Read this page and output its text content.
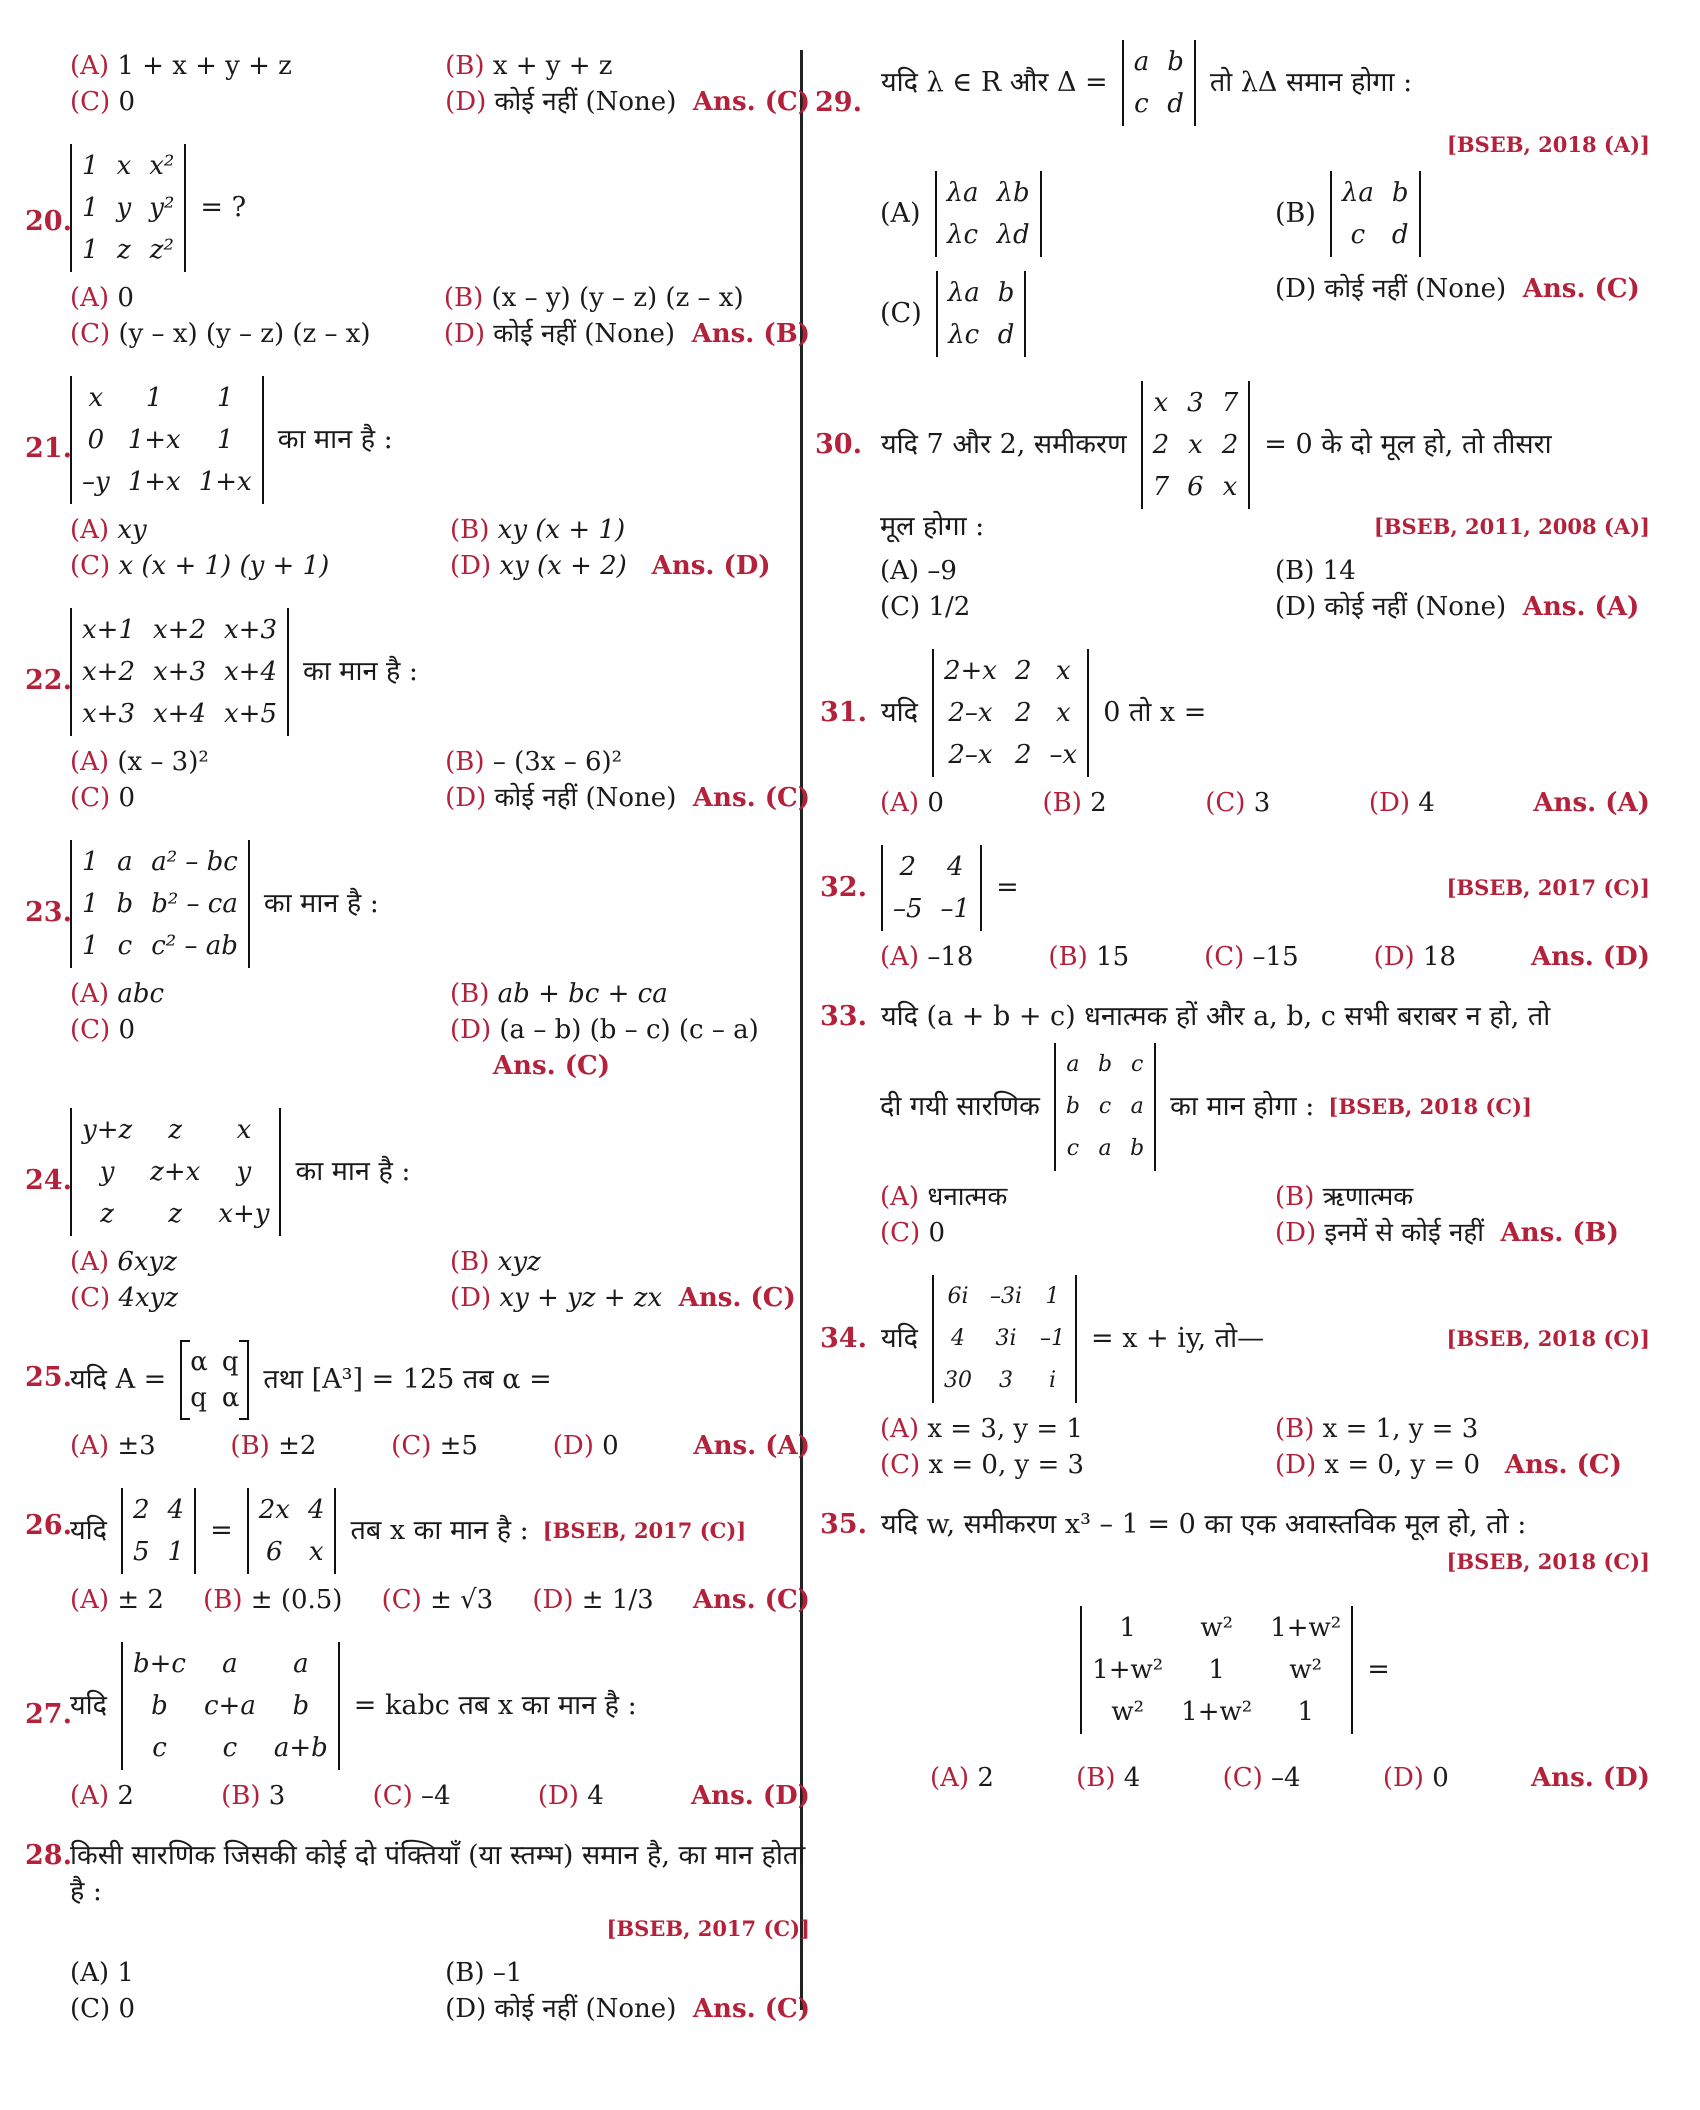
(A) 1 + x + y + z	(B) x + y + z
(C) 0	(D) कोई नहीं (None) Ans. (C)
20.
1 x x²
1 y y²
1 z z²
= ?
(A) 0	(B) (x – y) (y – z) (z – x)
(C) (y – x) (y – z) (z – x)	(D) कोई नहीं (None) Ans. (B)
21.
x	1	1
0 1+x	1
–y 1+x 1+x
का मान है :
(A) xy	(B) xy (x + 1)
(C) x (x + 1) (y + 1)	(D) xy (x + 2) Ans. (D)
22.
x+1 x+2 x+3
x+2 x+3 x+4
x+3 x+4 x+5
का मान है :
(A) (x – 3)²	(B) – (3x – 6)²
(C) 0	(D) कोई नहीं (None) Ans. (C)
23.
1 a a² – bc
1 b b² – ca
1 c c² – ab
का मान है :
(A) abc	(B) ab + bc + ca
(C) 0	(D) (a – b) (b – c) (c – a)
Ans. (C)
24.
y+z	z	x
y	z+x	y
z	z	x+y
का मान है :
(A) 6xyz	(B) xyz
(C) 4xyz	(D) xy + yz + zx Ans. (C)
25.
यदि A =
α q
q α
तथा [A³] = 125 तब α =
(A) ±3	(B) ±2	(C) ±5	(D) 0	Ans. (A)
26.
यदि
2 4
5 1
=
2x 4
6 x
तब x का मान है : [BSEB, 2017 (C)]
(A) ± 2 (B) ± (0.5) (C) ± √3 (D) ± 1/3 Ans. (C)
27.
यदि
b+c	a	a
b	c+a	b
c	c	a+b
= kabc तब x का मान है :
(A) 2	(B) 3	(C) –4	(D) 4	Ans. (D)
28.
किसी सारणिक जिसकी कोई दो पंक्तियाँ (या स्तम्भ) समान है, का मान होता है :
[BSEB, 2017 (C)]
(A) 1	(B) –1
(C) 0	(D) कोई नहीं (None) Ans. (C)
29.
यदि λ ∈ R और Δ =
a b
c d
तो λΔ समान होगा :
[BSEB, 2018 (A)]
(A)
λa λb
λc λd
(B)
λa b
c	d
(C)
λa b
λc d
(D) कोई नहीं (None) Ans. (C)
30. यदि 7 और 2, समीकरण
x 3 7
2 x 2
7 6 x
= 0 के दो मूल हो, तो तीसरा
मूल होगा :	[BSEB, 2011, 2008 (A)]
(A) –9	(B) 14
(C) 1/2	(D) कोई नहीं (None) Ans. (A)
31. यदि
2+x 2 x
2–x 2 x
2–x 2 –x
0 तो x =
(A) 0	(B) 2	(C) 3	(D) 4	Ans. (A)
32.
2 4
–5 –1
=	[BSEB, 2017 (C)]
(A) –18	(B) 15	(C) –15	(D) 18	Ans. (D)
33. यदि (a + b + c) धनात्मक हों और a, b, c सभी बराबर न हो, तो
दी गयी सारणिक
a b c
b c a
c a b
का मान होगा : [BSEB, 2018 (C)]
(A) धनात्मक	(B) ऋणात्मक
(C) 0	(D) इनमें से कोई नहीं Ans. (B)
34. यदि
6i –3i 1
4	3i –1
30	3	i
= x + iy, तो—	[BSEB, 2018 (C)]
(A) x = 3, y = 1	(B) x = 1, y = 3
(C) x = 0, y = 3	(D) x = 0, y = 0 Ans. (C)
35. यदि w, समीकरण x³ – 1 = 0 का एक अवास्तविक मूल हो, तो :
[BSEB, 2018 (C)]
1	w²	1+w²
1+w²	1	w²
w²	1+w²	1
=
(A) 2	(B) 4	(C) –4	(D) 0	Ans. (D)
